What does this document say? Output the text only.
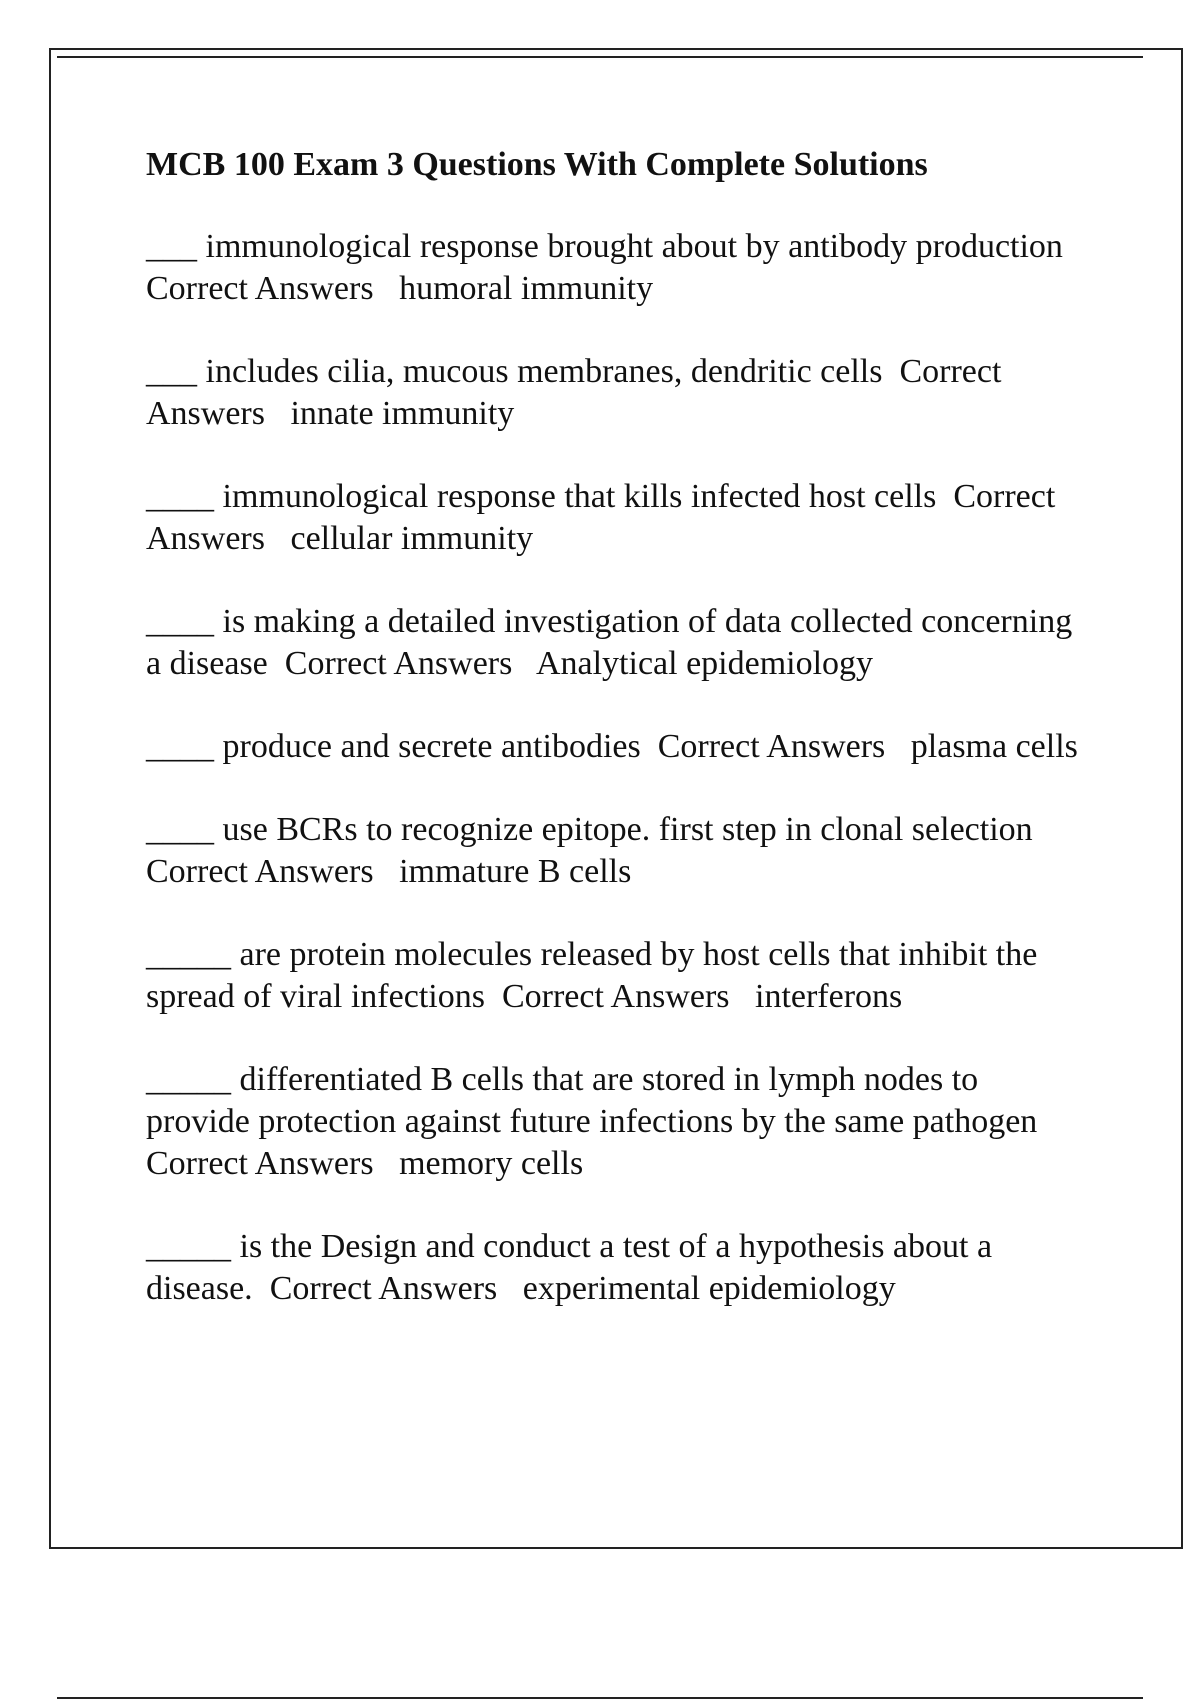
MCB 100 Exam 3 Questions With Complete Solutions
___ immunological response brought about by antibody production  Correct Answers humoral immunity
___ includes cilia, mucous membranes, dendritic cells Correct Answers innate immunity
____ immunological response that kills infected host cells Correct Answers cellular immunity
____ is making a detailed investigation of data collected concerning a disease Correct Answers Analytical epidemiology
____ produce and secrete antibodies Correct Answers plasma cells
____ use BCRs to recognize epitope. first step in clonal selection  Correct Answers immature B cells
_____ are protein molecules released by host cells that inhibit the spread of viral infections Correct Answers interferons
_____ differentiated B cells that are stored in lymph nodes to provide protection against future infections by the same pathogen  Correct Answers memory cells
_____ is the Design and conduct a test of a hypothesis about a disease. Correct Answers experimental epidemiology
